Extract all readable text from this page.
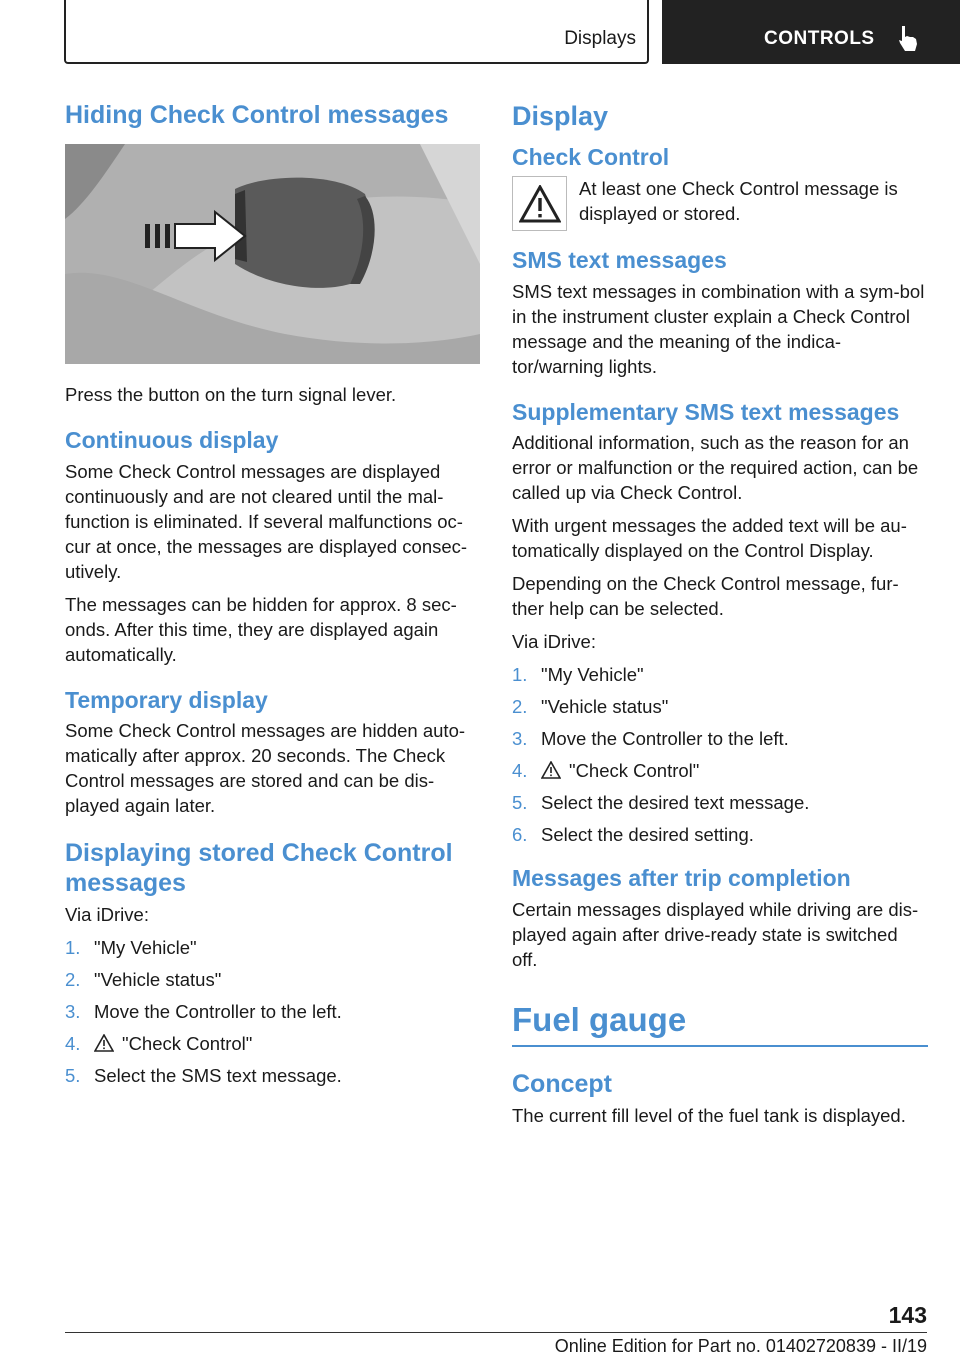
Displays	CONTROLS
Hiding Check Control messages

Press the button on the turn signal lever.

Continuous display

Some Check Control messages are displayed continuously and are not cleared until the mal‐function is eliminated. If several malfunctions oc‐cur at once, the messages are displayed consec‐utively.

The messages can be hidden for approx. 8 sec‐onds. After this time, they are displayed again automatically.

Temporary display

Some Check Control messages are hidden auto‐matically after approx. 20 seconds. The Check Control messages are stored and can be dis‐played again later.

Displaying stored Check Control messages

Via iDrive:

1. "My Vehicle"
2. "Vehicle status"
3. Move the Controller to the left.
4.	"Check Control"
5. Select the SMS text message.
Display
Check Control
At least one Check Control message is displayed or stored.
SMS text messages

SMS text messages in combination with a sym‐bol in the instrument cluster explain a Check Control message and the meaning of the indica‐tor/warning lights.

Supplementary SMS text messages

Additional information, such as the reason for an error or malfunction or the required action, can be called up via Check Control.

With urgent messages the added text will be au‐tomatically displayed on the Control Display.

Depending on the Check Control message, fur‐ther help can be selected.

Via iDrive:

1. "My Vehicle"
2. "Vehicle status"
3. Move the Controller to the left.
4.	"Check Control"
5. Select the desired text message.
6. Select the desired setting.
Messages after trip completion

Certain messages displayed while driving are dis‐played again after drive-ready state is switched off.

Fuel gauge
Concept

The current fill level of the fuel tank is displayed.

143
Online Edition for Part no. 01402720839 - II/19
